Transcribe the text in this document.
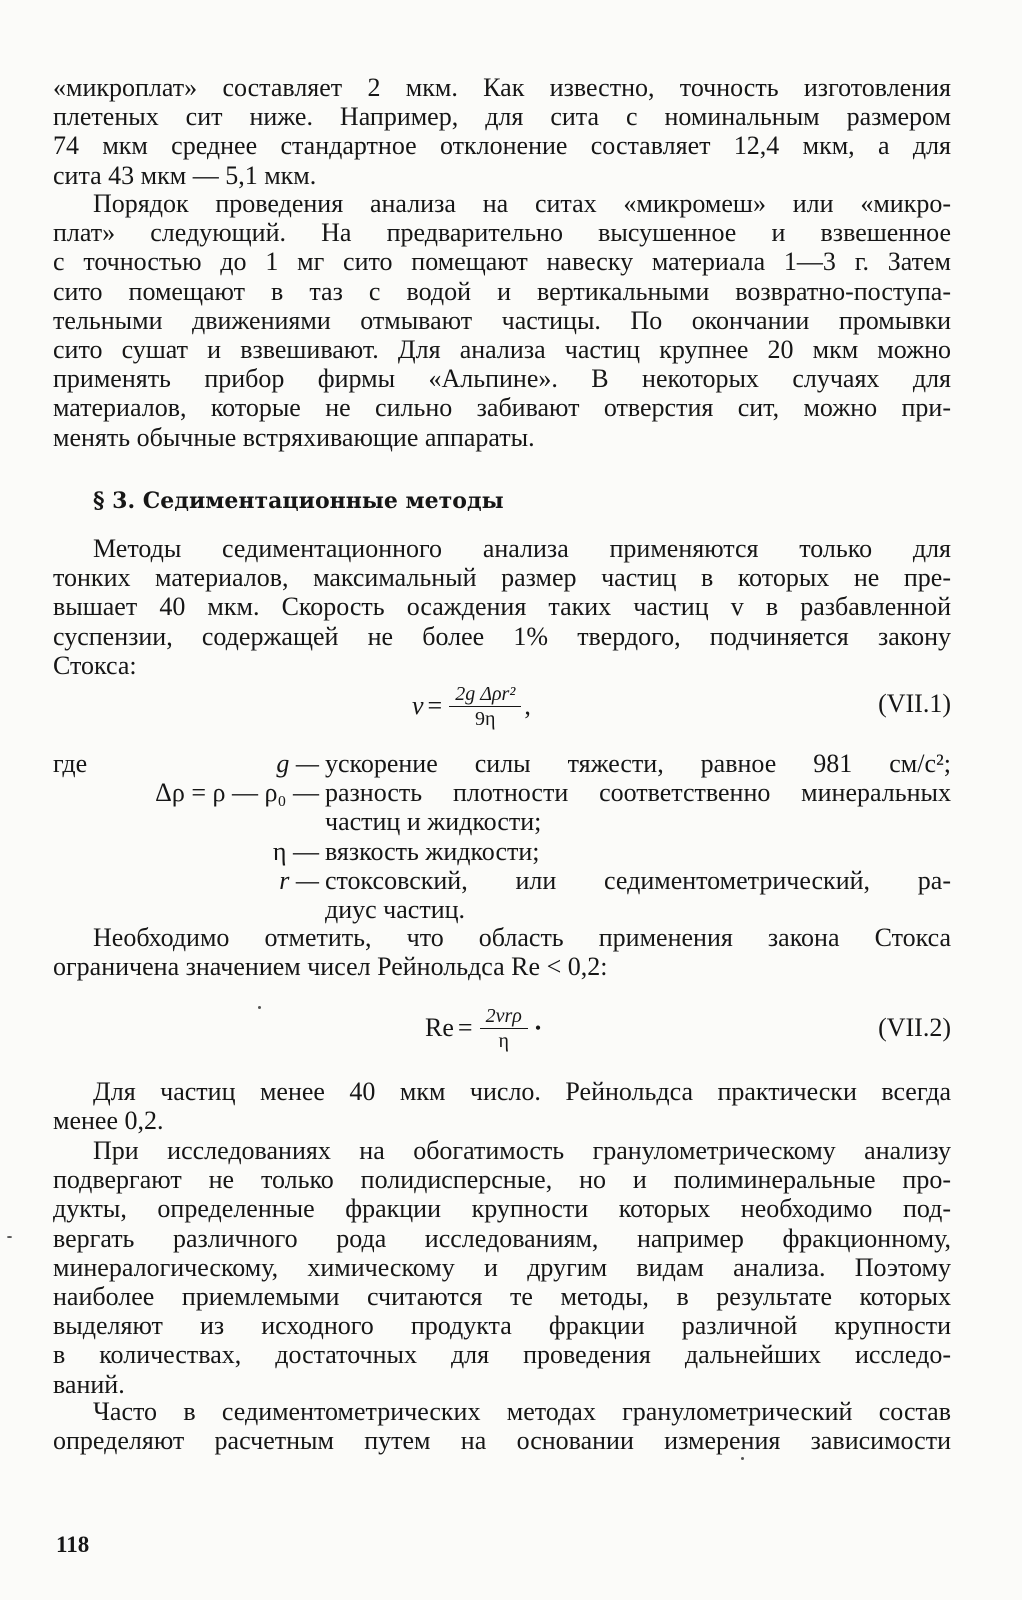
«микроплат» составляет 2 мкм. Как известно, точность изготовления
плетеных сит ниже. Например, для сита с номинальным размером
74 мкм среднее стандартное отклонение составляет 12,4 мкм, а для
сита 43 мкм — 5,1 мкм.
Порядок проведения анализа на ситах «микромеш» или «микро-
плат» следующий. На предварительно высушенное и взвешенное
с точностью до 1 мг сито помещают навеску материала 1—3 г. Затем
сито помещают в таз с водой и вертикальными возвратно-поступа-
тельными движениями отмывают частицы. По окончании промывки
сито сушат и взвешивают. Для анализа частиц крупнее 20 мкм можно
применять прибор фирмы «Альпине». В некоторых случаях для
материалов, которые не сильно забивают отверстия сит, можно при-
менять обычные встряхивающие аппараты.
§ 3. Седиментационные методы
Методы седиментационного анализа применяются только для
тонких материалов, максимальный размер частиц в которых не пре-
вышает 40 мкм. Скорость осаждения таких частиц v в разбавленной
суспензии, содержащей не более 1% твердого, подчиняется закону
Стокса:
$v = \frac{\text{2g Δρr²}}{9\eta}$ ,	(VII.1)
где	g — ускорение силы тяжести, равное 981 см/с²;
Δρ = ρ — ρ₀ — разность плотности соответственно минеральных
частиц и жидкости;
η — вязкость жидкости;
r — стоксовский, или седиментометрический, ра-
диус частиц.
Необходимо отметить, что область применения закона Стокса
ограничена значением чисел Рейнольдса Re < 0,2:
$Re = \frac{\text{2vrρ}}{\eta}$ •	(VII.2)
Для частиц менее 40 мкм число. Рейнольдса практически всегда
менее 0,2.
При исследованиях на обогатимость гранулометрическому анализу
подвергают не только полидисперсные, но и полиминеральные про-
дукты, определенные фракции крупности которых необходимо под-
вергать различного рода исследованиям, например фракционному,
минералогическому, химическому и другим видам анализа. Поэтому
наиболее приемлемыми считаются те методы, в результате которых
выделяют из исходного продукта фракции различной крупности
в количествах, достаточных для проведения дальнейших исследо-
ваний.
Часто в седиментометрических методах гранулометрический состав
определяют расчетным путем на основании измерения зависимости
118
